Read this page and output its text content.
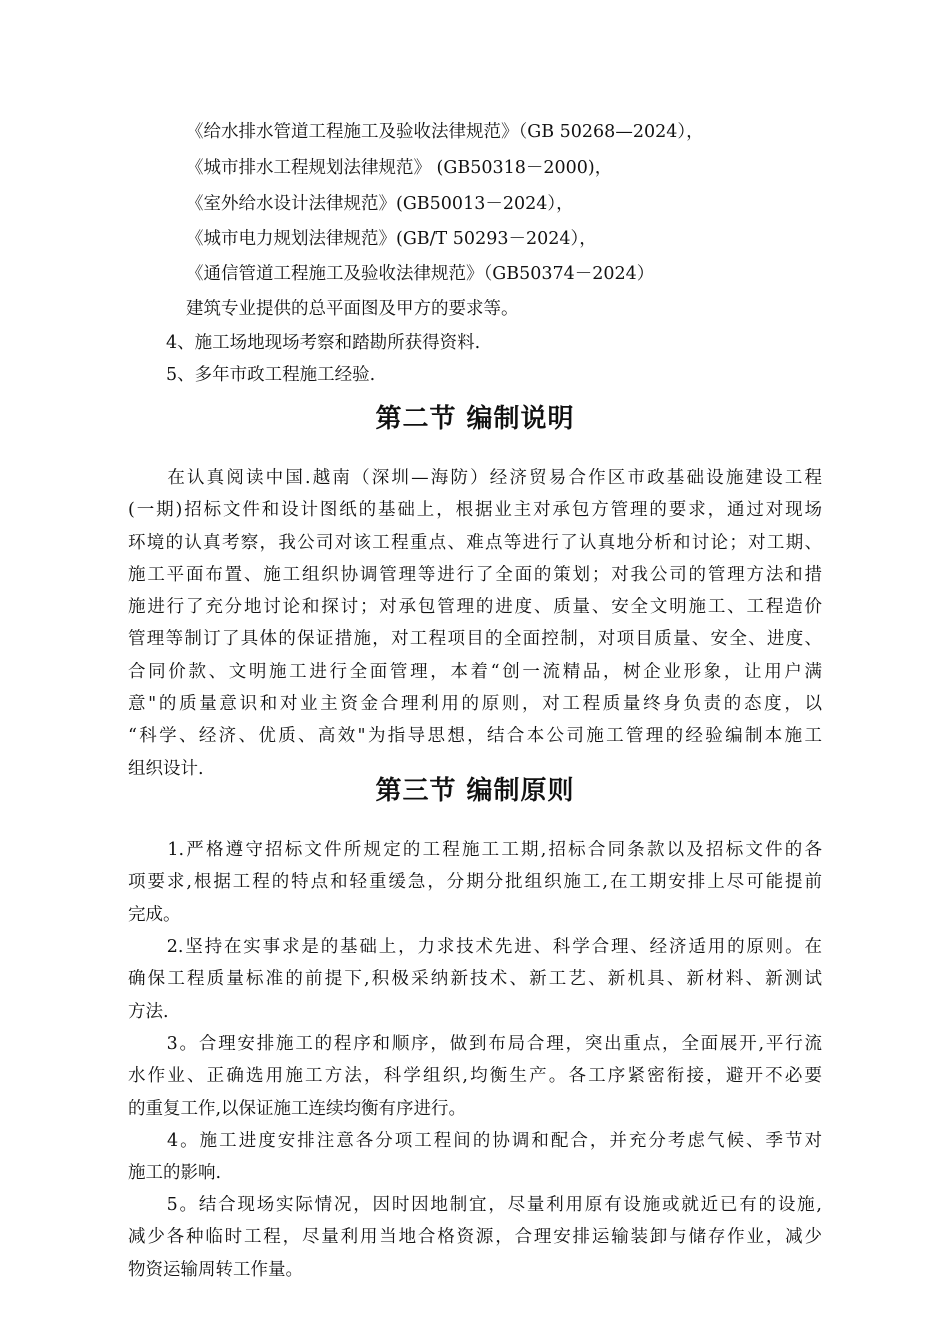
《给水排水管道工程施工及验收法律规范》（GB 50268—2024），
《城市排水工程规划法律规范》 (GB50318－2000)，
《室外给水设计法律规范》(GB50013－2024），
《城市电力规划法律规范》(GB/T 50293－2024），
《通信管道工程施工及验收法律规范》（GB50374－2024）
建筑专业提供的总平面图及甲方的要求等。
4、施工场地现场考察和踏勘所获得资料.
5、多年市政工程施工经验.
第二节 编制说明
　　在认真阅读中国.越南（深圳—海防）经济贸易合作区市政基础设施建设工程
(一期)招标文件和设计图纸的基础上，根据业主对承包方管理的要求，通过对现场
环境的认真考察，我公司对该工程重点、难点等进行了认真地分析和讨论；对工期、
施工平面布置、施工组织协调管理等进行了全面的策划；对我公司的管理方法和措
施进行了充分地讨论和探讨；对承包管理的进度、质量、安全文明施工、工程造价
管理等制订了具体的保证措施，对工程项目的全面控制，对项目质量、安全、进度、
合同价款、文明施工进行全面管理，本着“创一流精品，树企业形象，让用户满
意"的质量意识和对业主资金合理利用的原则，对工程质量终身负责的态度，以
“科学、经济、优质、高效"为指导思想，结合本公司施工管理的经验编制本施工
组织设计.
第三节 编制原则
　　1.严格遵守招标文件所规定的工程施工工期,招标合同条款以及招标文件的各
项要求,根据工程的特点和轻重缓急，分期分批组织施工,在工期安排上尽可能提前
完成。
　　2.坚持在实事求是的基础上，力求技术先进、科学合理、经济适用的原则。在
确保工程质量标准的前提下,积极采纳新技术、新工艺、新机具、新材料、新测试
方法.
　　3。合理安排施工的程序和顺序，做到布局合理，突出重点，全面展开,平行流
水作业、正确选用施工方法，科学组织,均衡生产。各工序紧密衔接，避开不必要
的重复工作,以保证施工连续均衡有序进行。
　　4。施工进度安排注意各分项工程间的协调和配合，并充分考虑气候、季节对
施工的影响.
　　5。结合现场实际情况，因时因地制宜，尽量利用原有设施或就近已有的设施,
减少各种临时工程，尽量利用当地合格资源，合理安排运输装卸与储存作业，减少
物资运输周转工作量。
